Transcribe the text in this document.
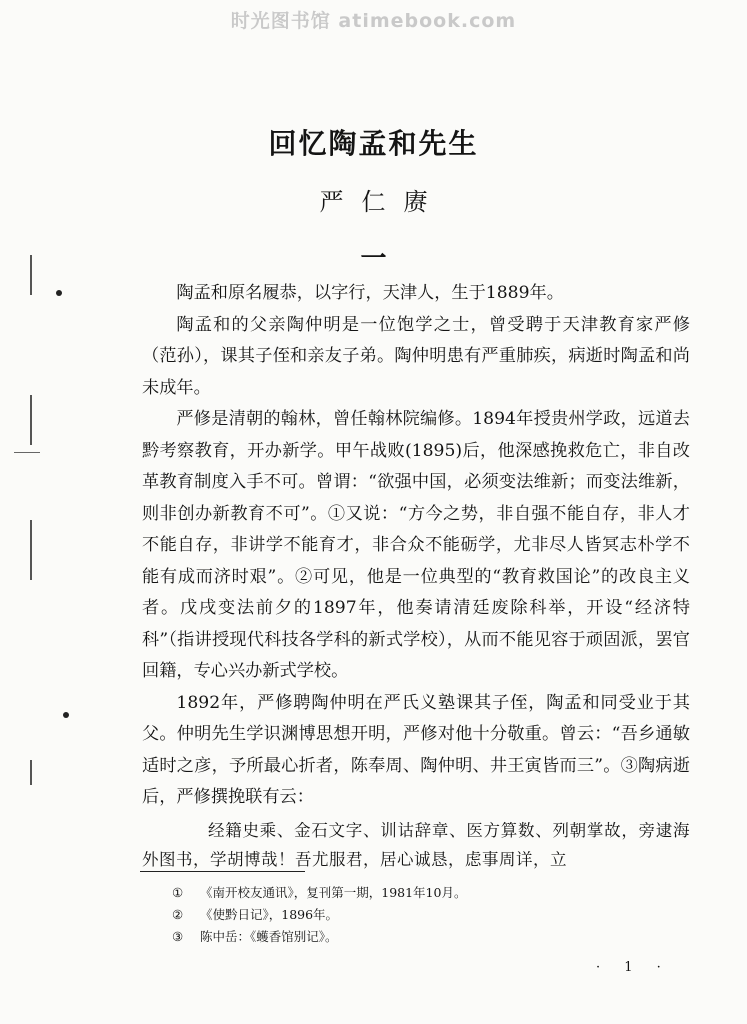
时光图书馆 atimebook.com
回忆陶孟和先生
严仁赓
一

陶孟和原名履恭，以字行，天津人，生于1889年。

陶孟和的父亲陶仲明是一位饱学之士，曾受聘于天津教育家严修（范孙），课其子侄和亲友子弟。陶仲明患有严重肺疾，病逝时陶孟和尚未成年。

严修是清朝的翰林，曾任翰林院编修。1894年授贵州学政，远道去黔考察教育，开办新学。甲午战败(1895)后，他深感挽救危亡，非自改革教育制度入手不可。曾谓：“欲强中国，必须变法维新；而变法维新，则非创办新教育不可”。①又说：“方今之势，非自强不能自存，非人才不能自存，非讲学不能育才，非合众不能砺学，尤非尽人皆冥志朴学不能有成而济时艰”。②可见，他是一位典型的“教育救国论”的改良主义者。戊戌变法前夕的1897年，他奏请清廷废除科举，开设“经济特科”（指讲授现代科技各学科的新式学校），从而不能见容于顽固派，罢官回籍，专心兴办新式学校。

1892年，严修聘陶仲明在严氏义塾课其子侄，陶孟和同受业于其父。仲明先生学识渊博思想开明，严修对他十分敬重。曾云：“吾乡通敏适时之彦，予所最心折者，陈奉周、陶仲明、井王寅皆而三”。③陶病逝后，严修撰挽联有云：

经籍史乘、金石文字、训诂辞章、医方算数、列朝掌故，旁逮海外图书，学胡博哉！吾尤服君，居心诚恳，虑事周详，立

①	《南开校友通讯》，复刊第一期，1981年10月。
②	《使黔日记》，1896年。
③	陈中岳：《蠖香馆别记》。
· 1 ·
